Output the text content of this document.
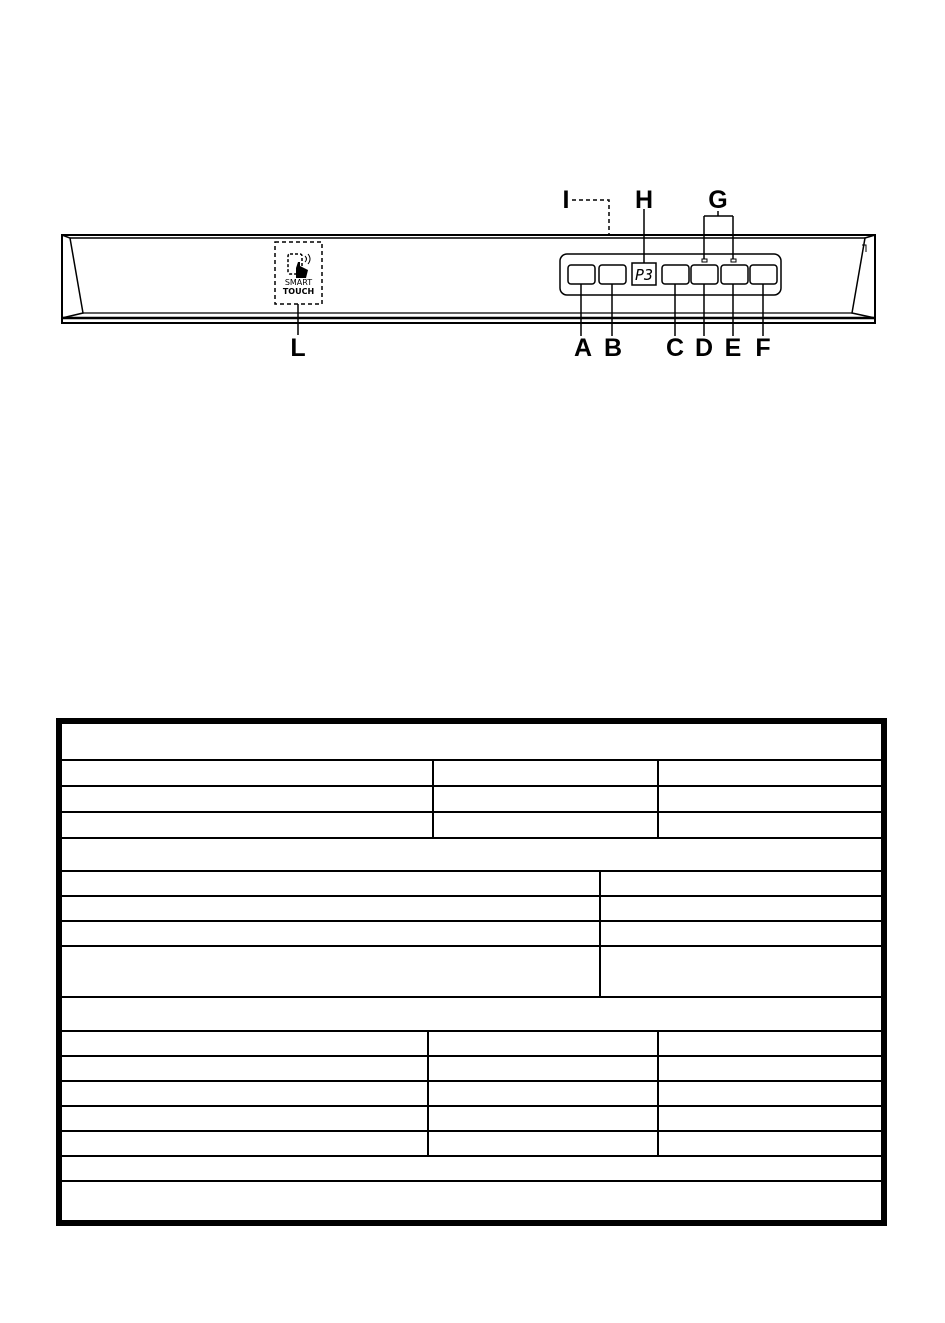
SMART
TOUCH
P3
I	H G
L	A B C D E F
